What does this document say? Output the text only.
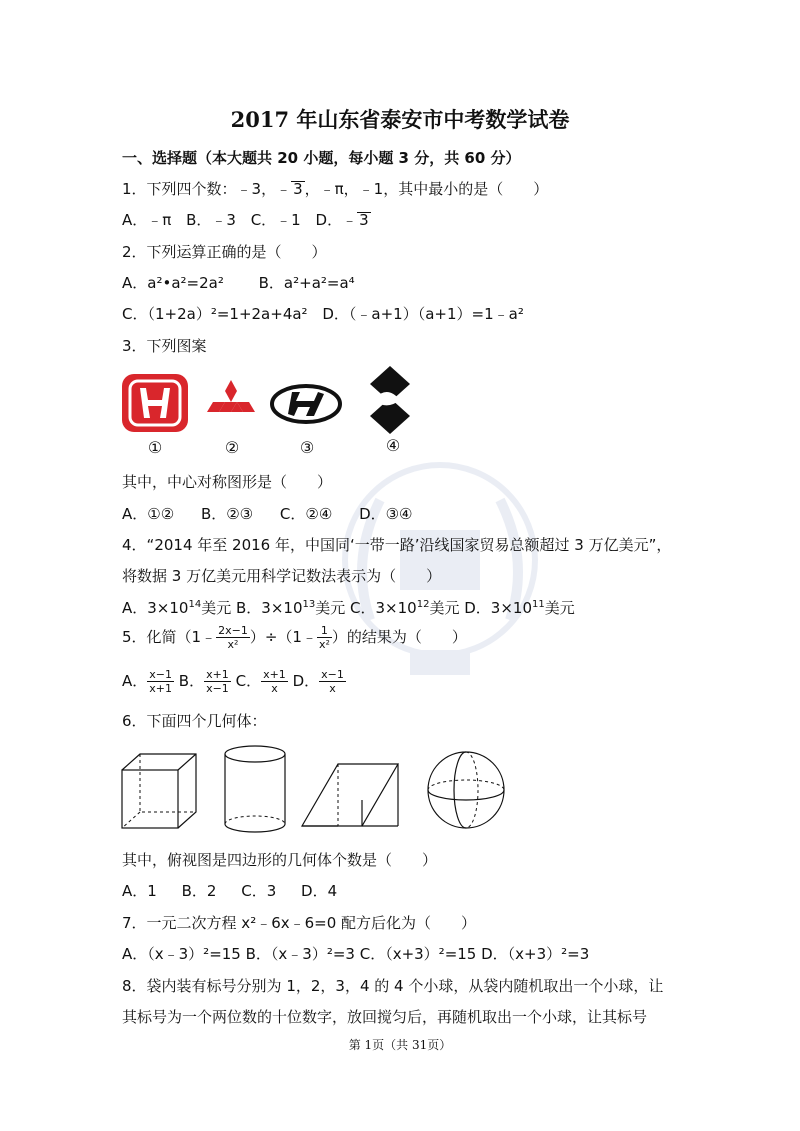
2017 年山东省泰安市中考数学试卷
一、选择题（本大题共 20 小题，每小题 3 分，共 60 分）
1．下列四个数：﹣3，﹣ 3 ，﹣π，﹣1，其中最小的是（　　）
A．﹣π B．﹣3 C．﹣1 D．﹣ 3
2．下列运算正确的是（　　）
A．a²•a²=2a² B．a²+a²=a⁴
C．（1+2a）²=1+2a+4a² D．（﹣a+1）（a+1）=1﹣a²
3．下列图案
①	②	③	④
其中，中心对称图形是（　　）
A．①② B．②③ C．②④ D．③④
4．“2014 年至 2016 年，中国同‘一带一路’沿线国家贸易总额超过 3 万亿美元”，
将数据 3 万亿美元用科学记数法表示为（　　）
A．$3\times 10^{14}$美元 B．$3\times 10^{13}$美元 C．$3\times 10^{12}$美元 D．$3\times 10^{11}$美元
5．化简（1﹣ $\frac{2x-1}{\text{x²}}$ ）÷（1﹣ $\frac{1}{\text{x²}}$ ）的结果为（　　）
A． $\frac{x-1}{x+1}$ B． $\frac{x+1}{x-1}$ C． $\frac{x+1}{x}$ D． $\frac{x-1}{x}$
6．下面四个几何体：
其中，俯视图是四边形的几何体个数是（　　）
A．1 B．2 C．3 D．4
7．一元二次方程 x²﹣6x﹣6=0 配方后化为（　　）
A．（x﹣3）²=15 B．（x﹣3）²=3 C．（x+3）²=15 D．（x+3）²=3
8．袋内装有标号分别为 1，2，3，4 的 4 个小球，从袋内随机取出一个小球，让
其标号为一个两位数的十位数字，放回搅匀后，再随机取出一个小球，让其标号
第 1页（共 31页）
